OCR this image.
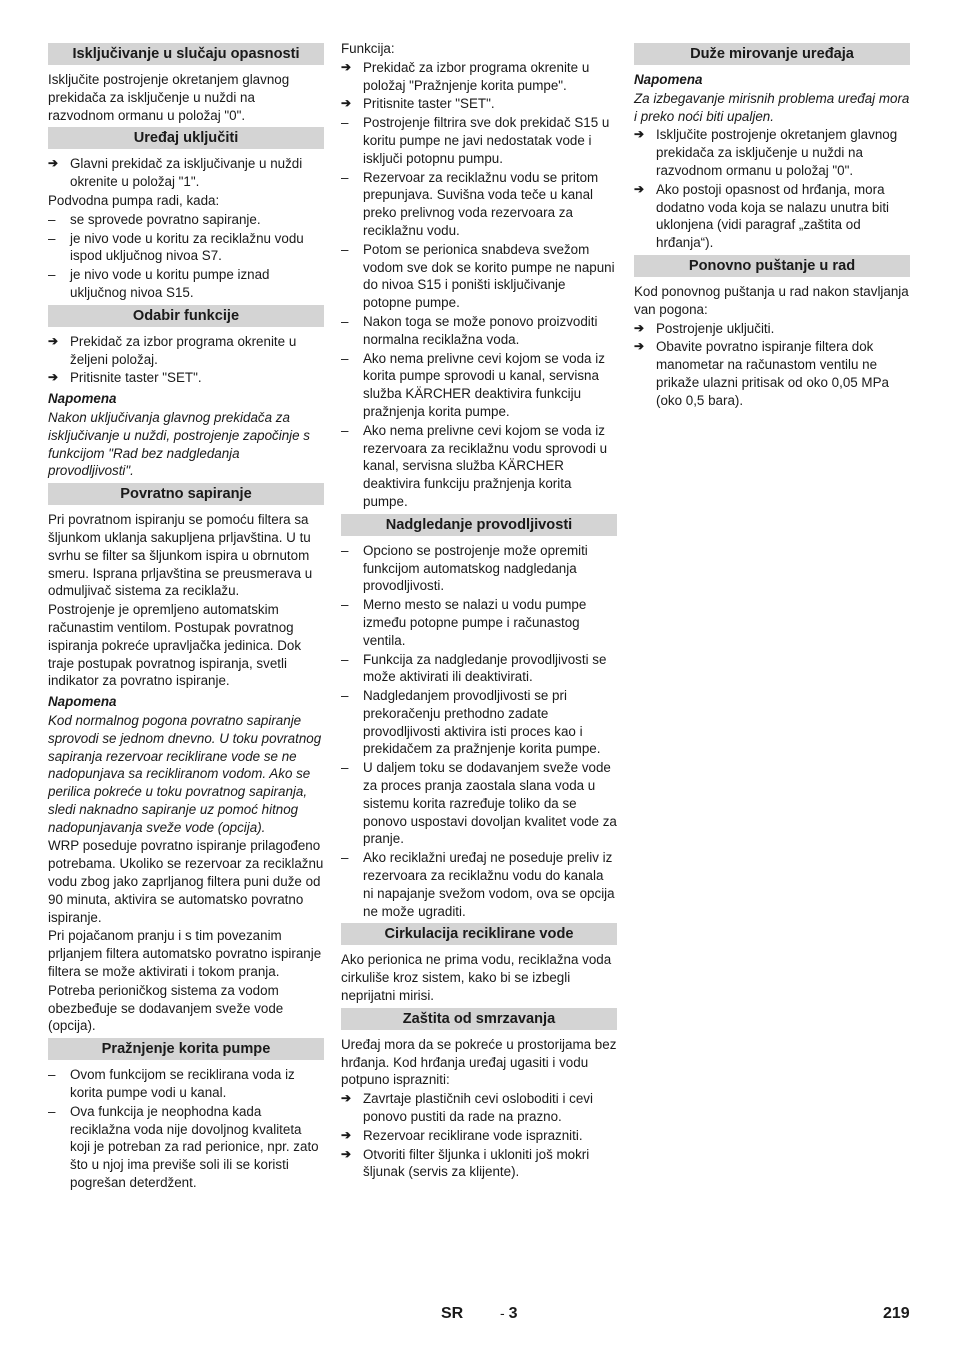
Isključivanje u slučaju opasnosti
Isključite postrojenje okretanjem glavnog prekidača za isključenje u nuždi na razvodnom ormanu u položaj "0".
Uređaj uključiti
➔ Glavni prekidač za isključivanje u nuždi okrenite u položaj "1".
Podvodna pumpa radi, kada:
–	se sprovede povratno sapiranje.
–	je nivo vode u koritu za reciklažnu vodu ispod uključnog nivoa S7.
–	je nivo vode u koritu pumpe iznad uključnog nivoa S15.
Odabir funkcije
➔ Prekidač za izbor programa okrenite u željeni položaj.
➔ Pritisnite taster "SET".
Napomena
Nakon uključivanja glavnog prekidača za isključivanje u nuždi, postrojenje započinje s funkcijom "Rad bez nadgledanja provodljivosti".
Povratno sapiranje
Pri povratnom ispiranju se pomoću filtera sa šljunkom uklanja sakupljena prljavština. U tu svrhu se filter sa šljunkom ispira u obrnutom smeru. Isprana prljavština se preusmerava u odmuljivač sistema za reciklažu.
Postrojenje je opremljeno automatskim računastim ventilom. Postupak povratnog ispiranja pokreće upravljačka jedinica. Dok traje postupak povratnog ispiranja, svetli indikator za povratno ispiranje.
Napomena
Kod normalnog pogona povratno sapiranje sprovodi se jednom dnevno. U toku povratnog sapiranja rezervoar reciklirane vode se ne nadopunjava sa recikliranom vodom. Ako se perilica pokreće u toku povratnog sapiranja, sledi naknadno sapiranje uz pomoć hitnog nadopunjavanja sveže vode (opcija).
WRP poseduje povratno ispiranje prilagođeno potrebama. Ukoliko se rezervoar za reciklažnu vodu zbog jako zaprljanog filtera puni duže od 90 minuta, aktivira se automatsko povratno ispiranje.
Pri pojačanom pranju i s tim povezanim prljanjem filtera automatsko povratno ispiranje filtera se može aktivirati i tokom pranja.
Potreba perioničkog sistema za vodom obezbeđuje se dodavanjem sveže vode (opcija).
Pražnjenje korita pumpe
–	Ovom funkcijom se reciklirana voda iz korita pumpe vodi u kanal.
–	Ova funkcija je neophodna kada reciklažna voda nije dovoljnog kvaliteta koji je potreban za rad perionice, npr. zato što u njoj ima previše soli ili se koristi pogrešan deterdžent.
Funkcija:
➔ Prekidač za izbor programa okrenite u položaj "Pražnjenje korita pumpe".
➔ Pritisnite taster "SET".
–	Postrojenje filtrira sve dok prekidač S15 u koritu pumpe ne javi nedostatak vode i isključi potopnu pumpu.
–	Rezervoar za reciklažnu vodu se pritom prepunjava. Suvišna voda teče u kanal preko prelivnog voda rezervoara za reciklažnu vodu.
–	Potom se perionica snabdeva svežom vodom sve dok se korito pumpe ne napuni do nivoa S15 i poništi isključivanje potopne pumpe.
–	Nakon toga se može ponovo proizvoditi normalna reciklažna voda.
–	Ako nema prelivne cevi kojom se voda iz korita pumpe sprovodi u kanal, servisna služba KÄRCHER deaktivira funkciju pražnjenja korita pumpe.
–	Ako nema prelivne cevi kojom se voda iz rezervoara za reciklažnu vodu sprovodi u kanal, servisna služba KÄRCHER deaktivira funkciju pražnjenja korita pumpe.
Nadgledanje provodljivosti
–	Opciono se postrojenje može opremiti funkcijom automatskog nadgledanja provodljivosti.
–	Merno mesto se nalazi u vodu pumpe između potopne pumpe i računastog ventila.
–	Funkcija za nadgledanje provodljivosti se može aktivirati ili deaktivirati.
–	Nadgledanjem provodljivosti se pri prekoračenju prethodno zadate provodljivosti aktivira isti proces kao i prekidačem za pražnjenje korita pumpe.
–	U daljem toku se dodavanjem sveže vode za proces pranja zaostala slana voda u sistemu korita razređuje toliko da se ponovo uspostavi dovoljan kvalitet vode za pranje.
–	Ako reciklažni uređaj ne poseduje preliv iz rezervoara za reciklažnu vodu do kanala ni napajanje svežom vodom, ova se opcija ne može ugraditi.
Cirkulacija reciklirane vode
Ako perionica ne prima vodu, reciklažna voda cirkuliše kroz sistem, kako bi se izbegli neprijatni mirisi.
Zaštita od smrzavanja
Uređaj mora da se pokreće u prostorijama bez hrđanja. Kod hrđanja uređaj ugasiti i vodu potpuno isprazniti:
➔ Zavrtaje plastičnih cevi osloboditi i cevi ponovo pustiti da rade na prazno.
➔ Rezervoar reciklirane vode isprazniti.
➔ Otvoriti filter šljunka i ukloniti još mokri šljunak (servis za klijente).
Duže mirovanje uređaja
Napomena
Za izbegavanje mirisnih problema uređaj mora i preko noći biti upaljen.
➔ Isključite postrojenje okretanjem glavnog prekidača za isključenje u nuždi na razvodnom ormanu u položaj "0".
➔ Ako postoji opasnost od hrđanja, mora dodatno voda koja se nalazu unutra biti uklonjena (vidi paragraf „zaštita od hrđanja“).
Ponovno puštanje u rad
Kod ponovnog puštanja u rad nakon stavljanja van pogona:
➔ Postrojenje uključiti.
➔ Obavite povratno ispiranje filtera dok manometar na računastom ventilu ne prikaže ulazni pritisak od oko 0,05 MPa (oko 0,5 bara).
SR	- 3	219
